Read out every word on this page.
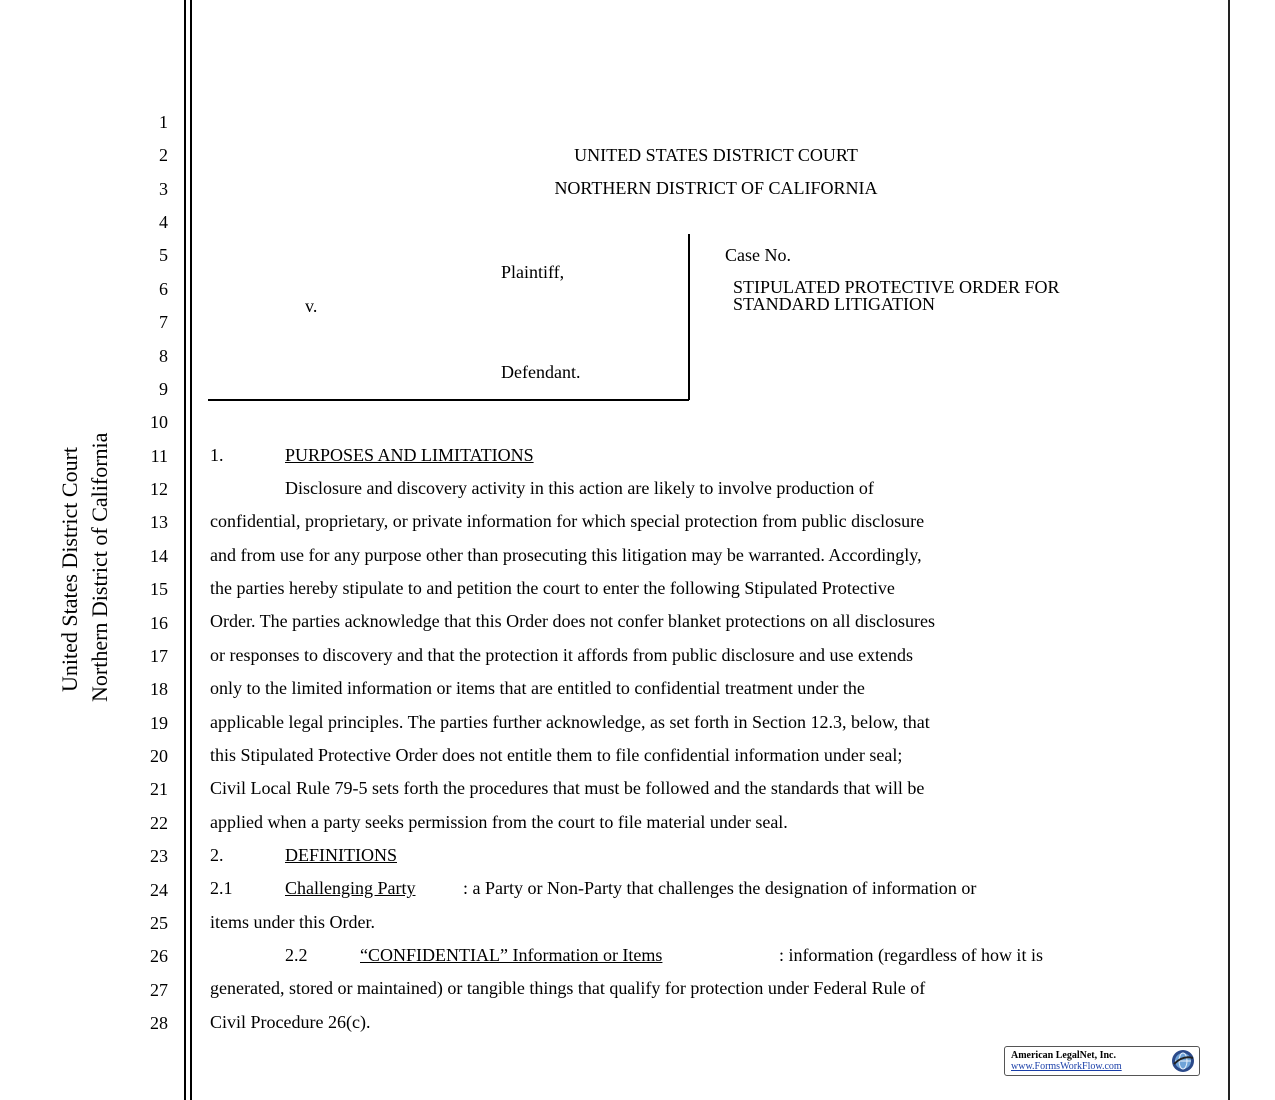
United States District Court Northern District of California
1
2
3
4
5
6
7
8
9
10
11
12
13
14
15
16
17
18
19
20
21
22
23
24
25
26
27
28
UNITED STATES DISTRICT COURT
NORTHERN DISTRICT OF CALIFORNIA
Plaintiff,
v.
Defendant.
Case No.
STIPULATED PROTECTIVE ORDER FOR
STANDARD LITIGATION
1.	PURPOSES AND LIMITATIONS
Disclosure and discovery activity in this action are likely to involve production of
confidential, proprietary, or private information for which special protection from public disclosure
and from use for any purpose other than prosecuting this litigation may be warranted. Accordingly,
the parties hereby stipulate to and petition the court to enter the following Stipulated Protective
Order. The parties acknowledge that this Order does not confer blanket protections on all disclosures
or responses to discovery and that the protection it affords from public disclosure and use extends
only to the limited information or items that are entitled to confidential treatment under the
applicable legal principles. The parties further acknowledge, as set forth in Section 12.3, below, that
this Stipulated Protective Order does not entitle them to file confidential information under seal;
Civil Local Rule 79-5 sets forth the procedures that must be followed and the standards that will be
applied when a party seeks permission from the court to file material under seal.
2.	DEFINITIONS
2.1	Challenging Party	: a Party or Non-Party that challenges the designation of information or
items under this Order.
2.2	“CONFIDENTIAL” Information or Items	: information (regardless of how it is
generated, stored or maintained) or tangible things that qualify for protection under Federal Rule of
Civil Procedure 26(c).
American LegalNet, Inc.
www.FormsWorkFlow.com
